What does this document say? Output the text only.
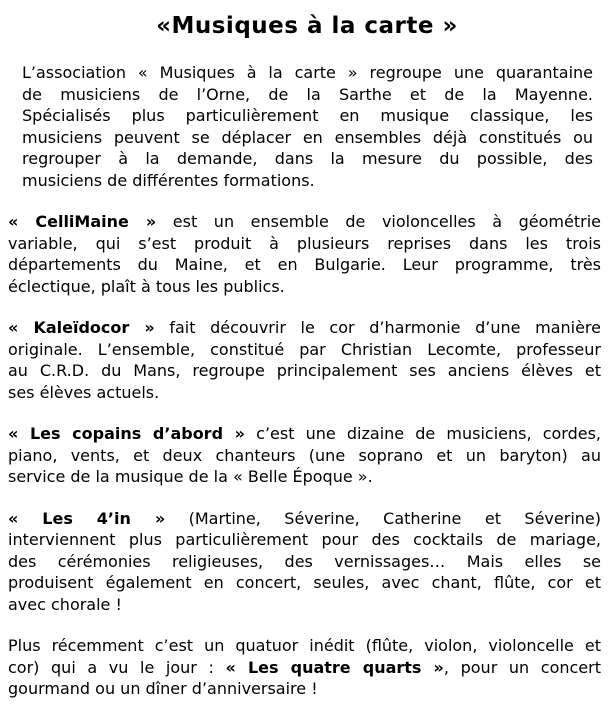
«Musiques à la carte »
L’association « Musiques à la carte » regroupe une quarantaine
de musiciens de l’Orne, de la Sarthe et de la Mayenne.
Spécialisés plus particulièrement en musique classique, les
musiciens peuvent se déplacer en ensembles déjà constitués ou
regrouper à la demande, dans la mesure du possible, des
musiciens de différentes formations.
« CelliMaine » est un ensemble de violoncelles à géométrie
variable, qui s’est produit à plusieurs reprises dans les trois
départements du Maine, et en Bulgarie. Leur programme, très
éclectique, plaît à tous les publics.
« Kaleïdocor » fait découvrir le cor d’harmonie d’une manière
originale. L’ensemble, constitué par Christian Lecomte, professeur
au C.R.D. du Mans, regroupe principalement ses anciens élèves et
ses élèves actuels.
« Les copains d’abord » c’est une dizaine de musiciens, cordes,
piano, vents, et deux chanteurs (une soprano et un baryton) au
service de la musique de la « Belle Époque ».
« Les 4’in » (Martine, Séverine, Catherine et Séverine)
interviennent plus particulièrement pour des cocktails de mariage,
des cérémonies religieuses, des vernissages… Mais elles se
produisent également en concert, seules, avec chant, flûte, cor et
avec chorale !
Plus récemment c’est un quatuor inédit (flûte, violon, violoncelle et
cor) qui a vu le jour : « Les quatre quarts », pour un concert
gourmand ou un dîner d’anniversaire !
